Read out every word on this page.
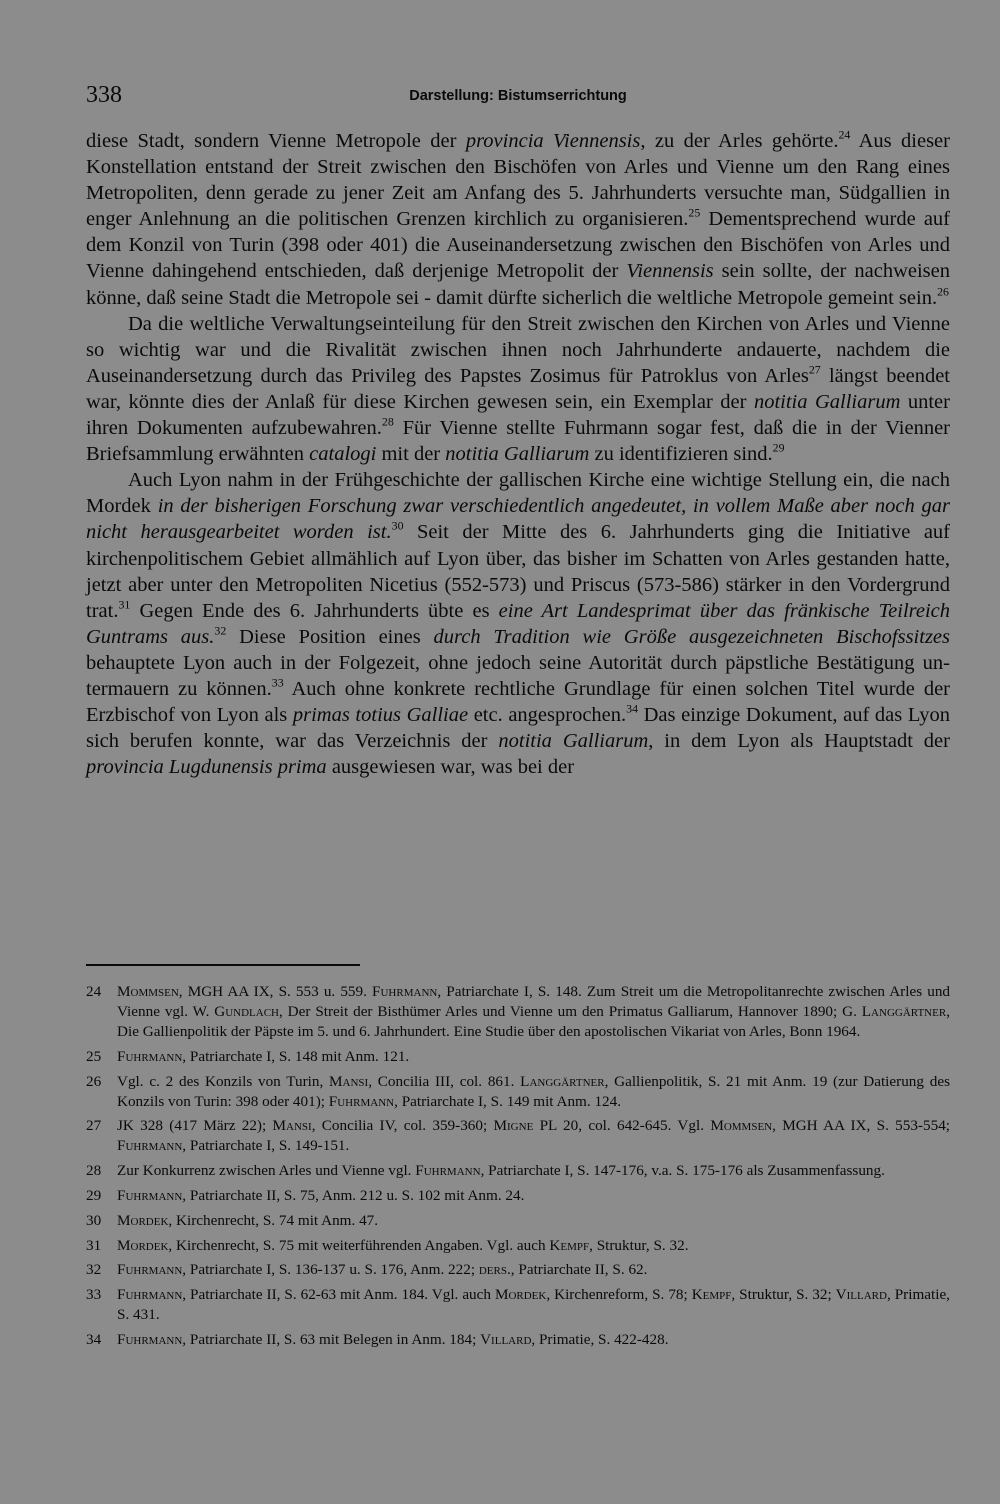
338	Darstellung: Bistumserrichtung

diese Stadt, sondern Vienne Metropole der provincia Viennensis, zu der Arles gehörte.$^{24}$ Aus dieser Konstellation entstand der Streit zwischen den Bischöfen von Arles und Vienne um den Rang eines Metropoliten, denn gerade zu jener Zeit am Anfang des 5. Jahrhunderts versuchte man, Südgallien in enger Anlehnung an die politischen Grenzen kirchlich zu organisieren.$^{25}$ Dementsprechend wurde auf dem Konzil von Turin (398 oder 401) die Auseinandersetzung zwischen den Bischöfen von Arles und Vienne dahingehend entschieden, daß derjenige Metropolit der Viennensis sein sollte, der nachweisen könne, daß seine Stadt die Metropole sei - damit dürfte sicherlich die weltliche Metropole gemeint sein.$^{26}$

Da die weltliche Verwaltungseinteilung für den Streit zwischen den Kirchen von Arles und Vienne so wichtig war und die Rivalität zwischen ihnen noch Jahrhunderte andauerte, nachdem die Auseinandersetzung durch das Privileg des Papstes Zosimus für Patroklus von Arles$^{27}$ längst beendet war, könnte dies der Anlaß für diese Kirchen gewesen sein, ein Exemplar der notitia Galliarum unter ihren Dokumenten aufzubewahren.$^{28}$ Für Vienne stellte Fuhrmann sogar fest, daß die in der Vienner Briefsammlung erwähnten catalogi mit der notitia Galliarum zu identifizieren sind.$^{29}$

Auch Lyon nahm in der Frühgeschichte der gallischen Kirche eine wichtige Stellung ein, die nach Mordek in der bisherigen Forschung zwar verschiedentlich angedeutet, in vollem Maße aber noch gar nicht herausgearbeitet worden ist.$^{30}$ Seit der Mitte des 6. Jahrhunderts ging die Initiative auf kirchenpolitischem Gebiet allmählich auf Lyon über, das bisher im Schatten von Arles gestanden hatte, jetzt aber unter den Metropoliten Nicetius (552-573) und Priscus (573-586) stärker in den Vordergrund trat.$^{31}$ Gegen Ende des 6. Jahrhunderts übte es eine Art Landesprimat über das fränkische Teilreich Guntrams aus.$^{32}$ Diese Position eines durch Tradition wie Größe ausgezeichneten Bischofssitzes behauptete Lyon auch in der Folgezeit, ohne jedoch seine Autorität durch päpstliche Bestätigung untermauern zu können.$^{33}$ Auch ohne konkrete rechtliche Grundlage für einen solchen Titel wurde der Erzbischof von Lyon als primas totius Galliae etc. angesprochen.$^{34}$ Das einzige Dokument, auf das Lyon sich berufen konnte, war das Verzeichnis der notitia Galliarum, in dem Lyon als Hauptstadt der provincia Lugdunensis prima ausgewiesen war, was bei der

24 Mommsen, MGH AA IX, S. 553 u. 559. Fuhrmann, Patriarchate I, S. 148. Zum Streit um die Metropolitanrechte zwischen Arles und Vienne vgl. W. Gundlach, Der Streit der Bisthümer Arles und Vienne um den Primatus Galliarum, Hannover 1890; G. Langgärtner, Die Gallienpolitik der Päpste im 5. und 6. Jahrhundert. Eine Studie über den apostolischen Vikariat von Arles, Bonn 1964.
25 Fuhrmann, Patriarchate I, S. 148 mit Anm. 121.
26 Vgl. c. 2 des Konzils von Turin, Mansi, Concilia III, col. 861. Langgärtner, Gallienpolitik, S. 21 mit Anm. 19 (zur Datierung des Konzils von Turin: 398 oder 401); Fuhrmann, Patriarchate I, S. 149 mit Anm. 124.
27 JK 328 (417 März 22); Mansi, Concilia IV, col. 359-360; Migne PL 20, col. 642-645. Vgl. Mommsen, MGH AA IX, S. 553-554; Fuhrmann, Patriarchate I, S. 149-151.
28 Zur Konkurrenz zwischen Arles und Vienne vgl. Fuhrmann, Patriarchate I, S. 147-176, v.a. S. 175-176 als Zusammenfassung.
29 Fuhrmann, Patriarchate II, S. 75, Anm. 212 u. S. 102 mit Anm. 24.
30 Mordek, Kirchenrecht, S. 74 mit Anm. 47.
31 Mordek, Kirchenrecht, S. 75 mit weiterführenden Angaben. Vgl. auch Kempf, Struktur, S. 32.
32 Fuhrmann, Patriarchate I, S. 136-137 u. S. 176, Anm. 222; ders., Patriarchate II, S. 62.
33 Fuhrmann, Patriarchate II, S. 62-63 mit Anm. 184. Vgl. auch Mordek, Kirchenreform, S. 78; Kempf, Struktur, S. 32; Villard, Primatie, S. 431.
34 Fuhrmann, Patriarchate II, S. 63 mit Belegen in Anm. 184; Villard, Primatie, S. 422-428.
